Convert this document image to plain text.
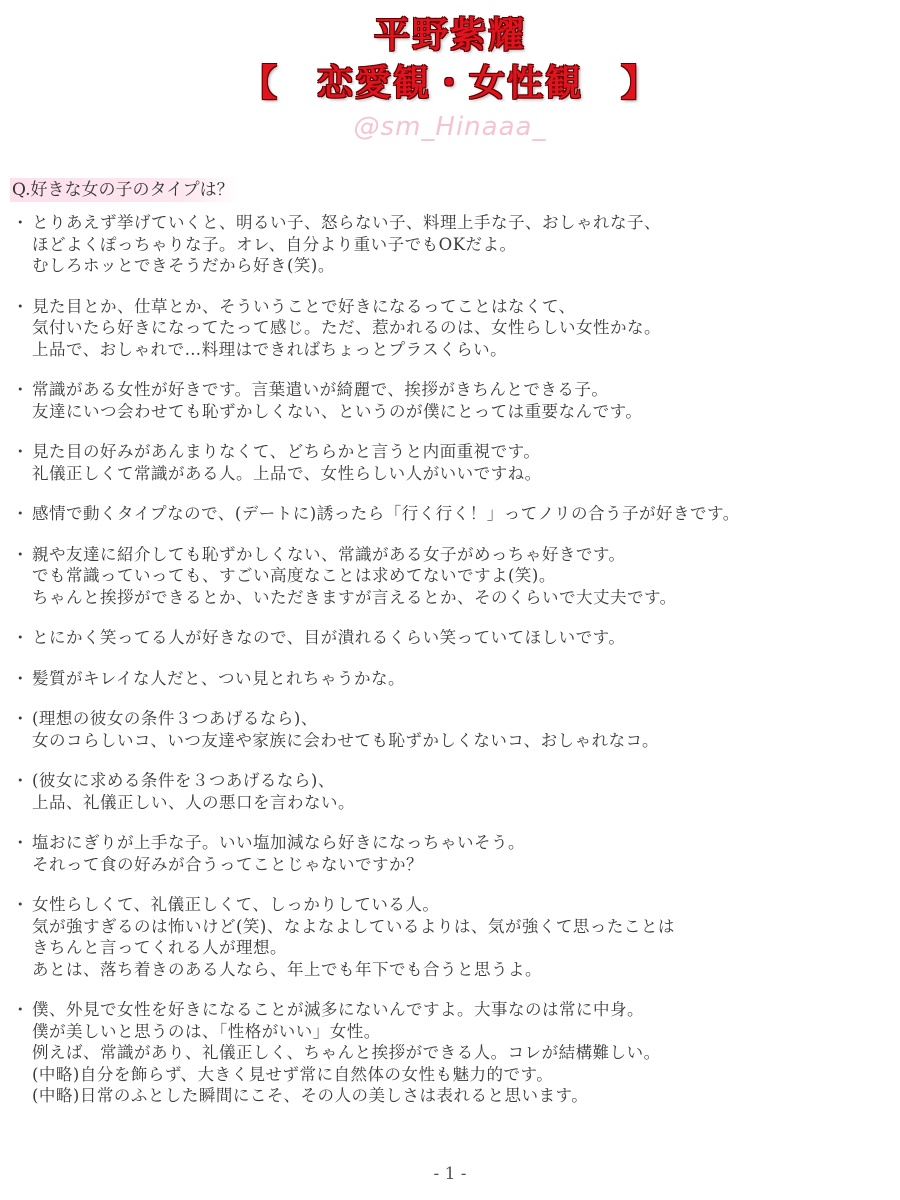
平野紫耀
【　恋愛観・女性観　】
@sm_Hinaaa_
Q.好きな女の子のタイプは？
・ とりあえず挙げていくと、明るい子、怒らない子、料理上手な子、おしゃれな子、
ほどよくぽっちゃりな子。オレ、自分より重い子でもOKだよ。
むしろホッとできそうだから好き(笑)。
・ 見た目とか、仕草とか、そういうことで好きになるってことはなくて、
気付いたら好きになってたって感じ。ただ、惹かれるのは、女性らしい女性かな。
上品で、おしゃれで…料理はできればちょっとプラスくらい。
・ 常識がある女性が好きです。言葉遣いが綺麗で、挨拶がきちんとできる子。
友達にいつ会わせても恥ずかしくない、というのが僕にとっては重要なんです。
・ 見た目の好みがあんまりなくて、どちらかと言うと内面重視です。
礼儀正しくて常識がある人。上品で、女性らしい人がいいですね。
・ 感情で動くタイプなので、(デートに)誘ったら「行く行く！」ってノリの合う子が好きです。
・ 親や友達に紹介しても恥ずかしくない、常識がある女子がめっちゃ好きです。
でも常識っていっても、すごい高度なことは求めてないですよ(笑)。
ちゃんと挨拶ができるとか、いただきますが言えるとか、そのくらいで大丈夫です。
・ とにかく笑ってる人が好きなので、目が潰れるくらい笑っていてほしいです。
・ 髪質がキレイな人だと、つい見とれちゃうかな。
・ (理想の彼女の条件３つあげるなら)、
女のコらしいコ、いつ友達や家族に会わせても恥ずかしくないコ、おしゃれなコ。
・ (彼女に求める条件を３つあげるなら)、
上品、礼儀正しい、人の悪口を言わない。
・ 塩おにぎりが上手な子。いい塩加減なら好きになっちゃいそう。
それって食の好みが合うってことじゃないですか？
・ 女性らしくて、礼儀正しくて、しっかりしている人。
気が強すぎるのは怖いけど(笑)、なよなよしているよりは、気が強くて思ったことは
きちんと言ってくれる人が理想。
あとは、落ち着きのある人なら、年上でも年下でも合うと思うよ。
・ 僕、外見で女性を好きになることが滅多にないんですよ。大事なのは常に中身。
僕が美しいと思うのは、「性格がいい」女性。
例えば、常識があり、礼儀正しく、ちゃんと挨拶ができる人。コレが結構難しい。
(中略)自分を飾らず、大きく見せず常に自然体の女性も魅力的です。
(中略)日常のふとした瞬間にこそ、その人の美しさは表れると思います。
- 1 -
